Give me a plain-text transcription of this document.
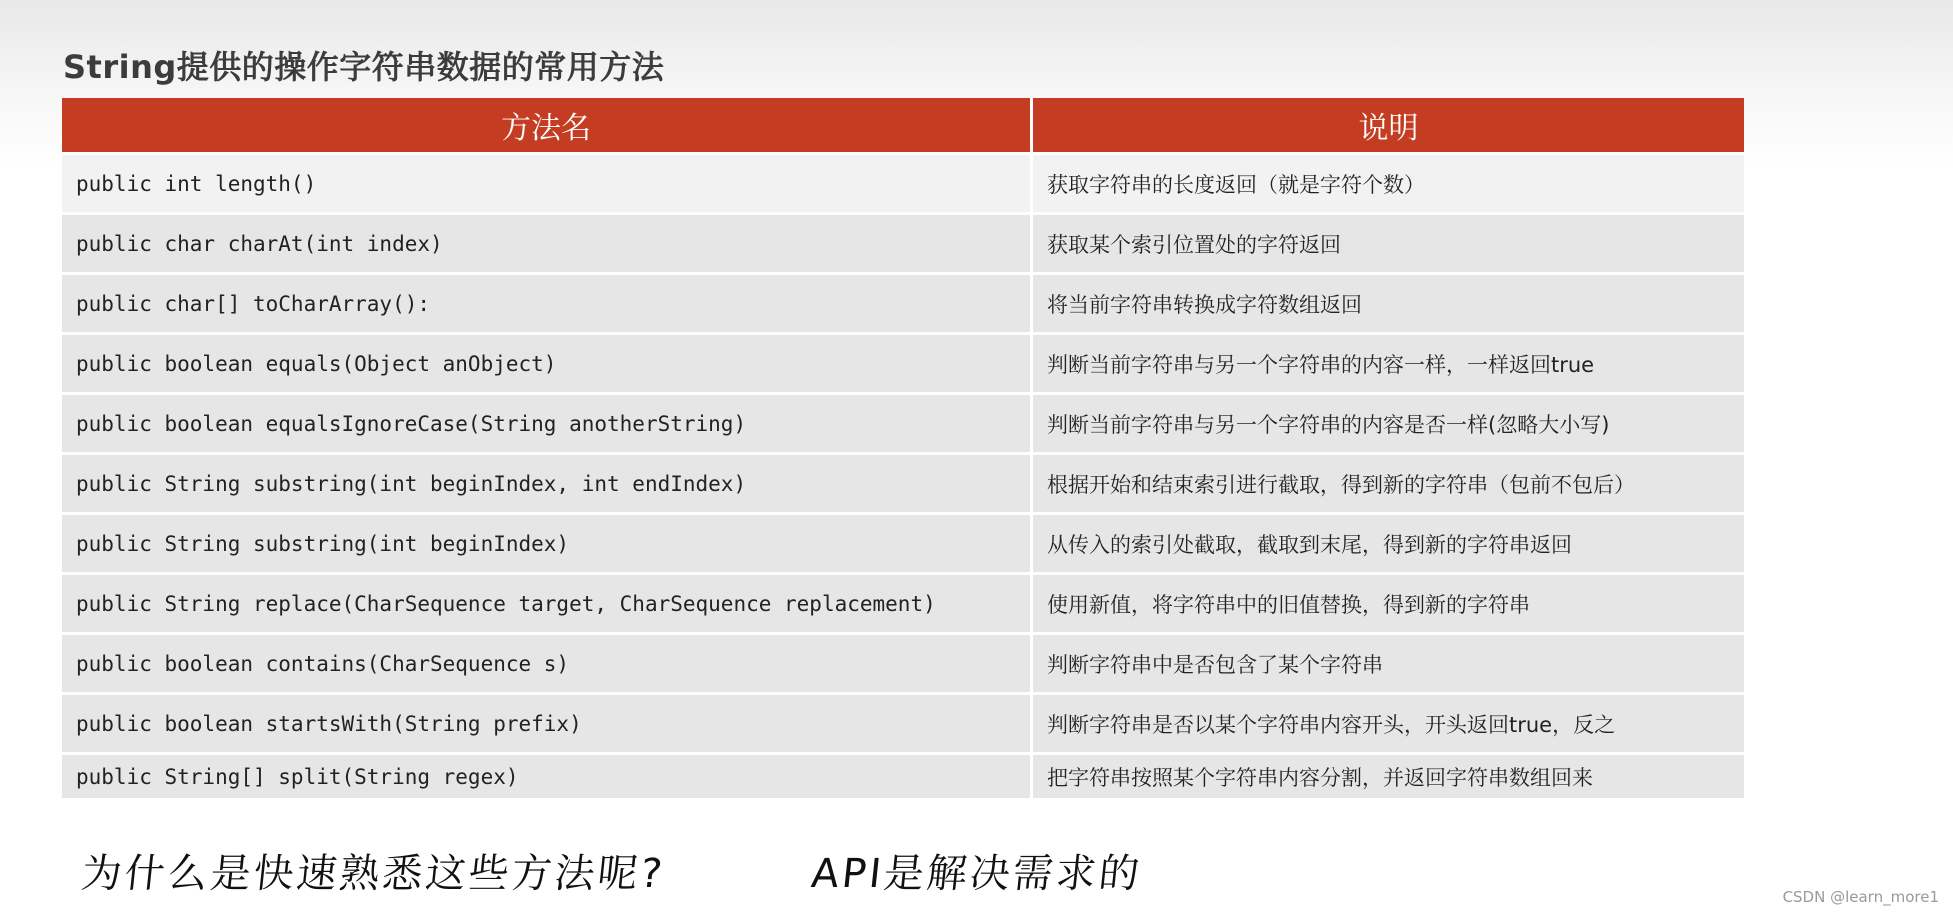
String提供的操作字符串数据的常用方法
方法名	说明
public int length()	获取字符串的长度返回（就是字符个数）
public char charAt(int index)	获取某个索引位置处的字符返回
public char[] toCharArray():	将当前字符串转换成字符数组返回
public boolean equals(Object anObject)	判断当前字符串与另一个字符串的内容一样，一样返回true
public boolean equalsIgnoreCase(String anotherString)	判断当前字符串与另一个字符串的内容是否一样(忽略大小写)
public String substring(int beginIndex, int endIndex)	根据开始和结束索引进行截取，得到新的字符串（包前不包后）
public String substring(int beginIndex)	从传入的索引处截取，截取到末尾，得到新的字符串返回
public String replace(CharSequence target, CharSequence replacement)	使用新值，将字符串中的旧值替换，得到新的字符串
public boolean contains(CharSequence s)	判断字符串中是否包含了某个字符串
public boolean startsWith(String prefix)	判断字符串是否以某个字符串内容开头，开头返回true，反之
public String[] split(String regex)	把字符串按照某个字符串内容分割，并返回字符串数组回来
为什么是快速熟悉这些方法呢?	API是解决需求的	CSDN @learn_more1
